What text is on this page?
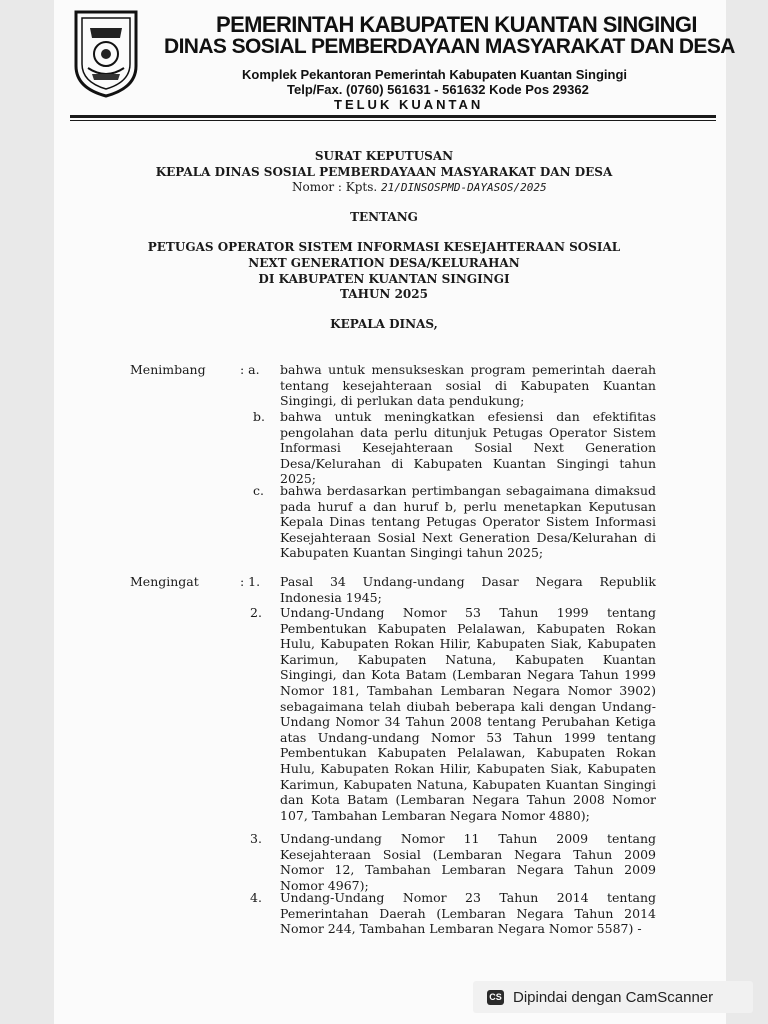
PEMERINTAH KABUPATEN KUANTAN SINGINGI

DINAS SOSIAL PEMBERDAYAAN MASYARAKAT DAN DESA

Komplek Pekantoran Pemerintah Kabupaten Kuantan Singingi

Telp/Fax. (0760) 561631 - 561632 Kode Pos 29362

TELUK KUANTAN

SURAT KEPUTUSAN
KEPALA DINAS SOSIAL PEMBERDAYAAN MASYARAKAT DAN DESA
Nomor : Kpts. 21/DINSOSPMD-DAYASOS/2025
TENTANG
PETUGAS OPERATOR SISTEM INFORMASI KESEJAHTERAAN SOSIAL
NEXT GENERATION DESA/KELURAHAN
DI KABUPATEN KUANTAN SINGINGI
TAHUN 2025
KEPALA DINAS,
Menimbang	: a. bahwa untuk mensukseskan program pemerintah daerah tentang kesejahteraan sosial di Kabupaten Kuantan Singingi, di perlukan data pendukung;

b. bahwa untuk meningkatkan efesiensi dan efektifitas pengolahan data perlu ditunjuk Petugas Operator Sistem Informasi Kesejahteraan Sosial Next Generation Desa/Kelurahan di Kabupaten Kuantan Singingi tahun 2025;

c. bahwa berdasarkan pertimbangan sebagaimana dimaksud pada huruf a dan huruf b, perlu menetapkan Keputusan Kepala Dinas tentang Petugas Operator Sistem Informasi Kesejahteraan Sosial Next Generation Desa/Kelurahan di Kabupaten Kuantan Singingi tahun 2025;

Mengingat	: 1. Pasal 34 Undang-undang Dasar Negara Republik Indonesia 1945;

2. Undang-Undang Nomor 53 Tahun 1999 tentang Pembentukan Kabupaten Pelalawan, Kabupaten Rokan Hulu, Kabupaten Rokan Hilir, Kabupaten Siak, Kabupaten Karimun, Kabupaten Natuna, Kabupaten Kuantan Singingi, dan Kota Batam (Lembaran Negara Tahun 1999 Nomor 181, Tambahan Lembaran Negara Nomor 3902) sebagaimana telah diubah beberapa kali dengan Undang-Undang Nomor 34 Tahun 2008 tentang Perubahan Ketiga atas Undang-undang Nomor 53 Tahun 1999 tentang Pembentukan Kabupaten Pelalawan, Kabupaten Rokan Hulu, Kabupaten Rokan Hilir, Kabupaten Siak, Kabupaten Karimun, Kabupaten Natuna, Kabupaten Kuantan Singingi dan Kota Batam (Lembaran Negara Tahun 2008 Nomor 107, Tambahan Lembaran Negara Nomor 4880);

3. Undang-undang Nomor 11 Tahun 2009 tentang Kesejahteraan Sosial (Lembaran Negara Tahun 2009 Nomor 12, Tambahan Lembaran Negara Tahun 2009 Nomor 4967);

4. Undang-Undang Nomor 23 Tahun 2014 tentang Pemerintahan Daerah (Lembaran Negara Tahun 2014 Nomor 244, Tambahan Lembaran Negara Nomor 5587) -

CS Dipindai dengan CamScanner
